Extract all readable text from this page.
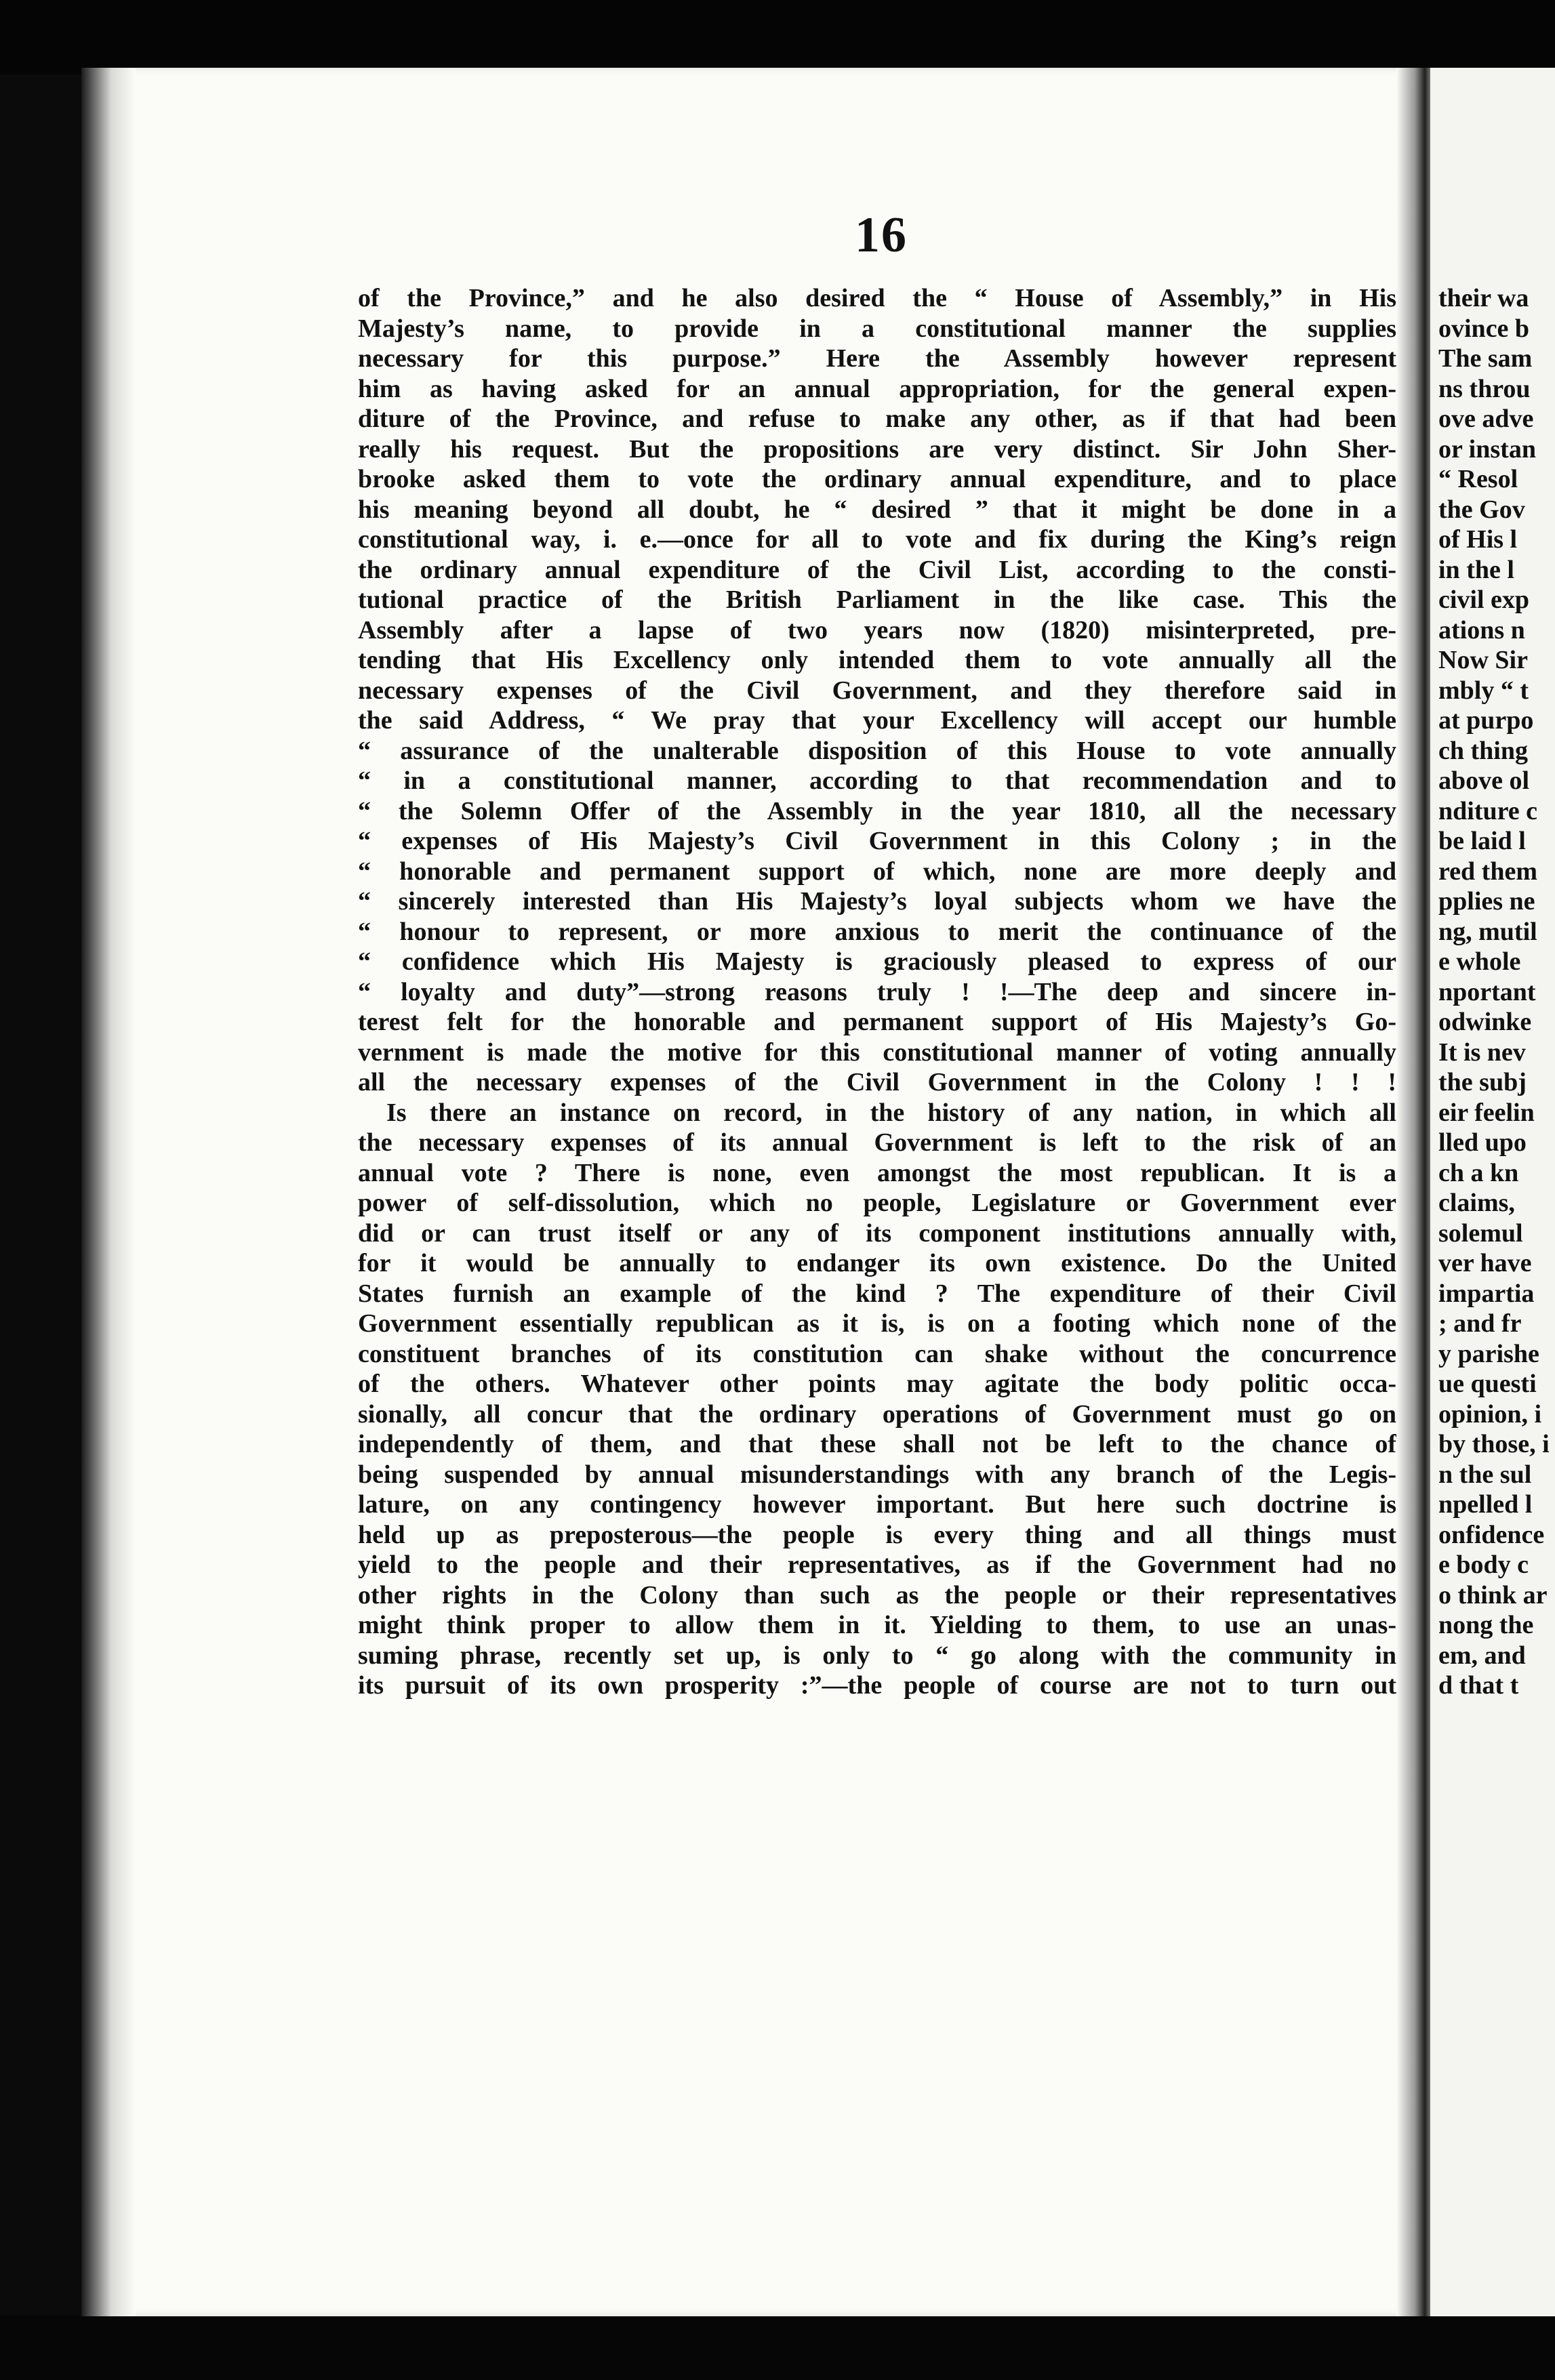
16
of the Province,” and he also desired the “ House of Assembly,” in His
Majesty’s name, to provide in a constitutional manner the supplies
necessary for this purpose.” Here the Assembly however represent
him as having asked for an annual appropriation, for the general expen-
diture of the Province, and refuse to make any other, as if that had been
really his request. But the propositions are very distinct. Sir John Sher-
brooke asked them to vote the ordinary annual expenditure, and to place
his meaning beyond all doubt, he “ desired ” that it might be done in a
constitutional way, i. e.—once for all to vote and fix during the King’s reign
the ordinary annual expenditure of the Civil List, according to the consti-
tutional practice of the British Parliament in the like case. This the
Assembly after a lapse of two years now (1820) misinterpreted, pre-
tending that His Excellency only intended them to vote annually all the
necessary expenses of the Civil Government, and they therefore said in
the said Address, “ We pray that your Excellency will accept our humble
“ assurance of the unalterable disposition of this House to vote annually
“ in a constitutional manner, according to that recommendation and to
“ the Solemn Offer of the Assembly in the year 1810, all the necessary
“ expenses of His Majesty’s Civil Government in this Colony ; in the
“ honorable and permanent support of which, none are more deeply and
“ sincerely interested than His Majesty’s loyal subjects whom we have the
“ honour to represent, or more anxious to merit the continuance of the
“ confidence which His Majesty is graciously pleased to express of our
“ loyalty and duty”—strong reasons truly ! !—The deep and sincere in-
terest felt for the honorable and permanent support of His Majesty’s Go-
vernment is made the motive for this constitutional manner of voting annually
all the necessary expenses of the Civil Government in the Colony ! ! !
Is there an instance on record, in the history of any nation, in which all
the necessary expenses of its annual Government is left to the risk of an
annual vote ? There is none, even amongst the most republican. It is a
power of self-dissolution, which no people, Legislature or Government ever
did or can trust itself or any of its component institutions annually with,
for it would be annually to endanger its own existence. Do the United
States furnish an example of the kind ? The expenditure of their Civil
Government essentially republican as it is, is on a footing which none of the
constituent branches of its constitution can shake without the concurrence
of the others. Whatever other points may agitate the body politic occa-
sionally, all concur that the ordinary operations of Government must go on
independently of them, and that these shall not be left to the chance of
being suspended by annual misunderstandings with any branch of the Legis-
lature, on any contingency however important. But here such doctrine is
held up as preposterous—the people is every thing and all things must
yield to the people and their representatives, as if the Government had no
other rights in the Colony than such as the people or their representatives
might think proper to allow them in it. Yielding to them, to use an unas-
suming phrase, recently set up, is only to “ go along with the community in
its pursuit of its own prosperity :”—the people of course are not to turn out
their wa
ovince b
The sam
ns throu
ove adve
or instan
“ Resol
the Gov
of His l
in the l
civil exp
ations n
Now Sir
mbly “ t
at purpo
ch thing
above ol
nditure c
be laid l
red them
pplies ne
ng, mutil
e whole
nportant
odwinke
It is nev
the subj
eir feelin
lled upo
ch a kn
claims,
solemul
ver have
impartia
; and fr
y parishe
ue questi
opinion, i
by those, i
n the sul
npelled l
onfidence
e body c
o think ar
nong the
em, and
d that t
